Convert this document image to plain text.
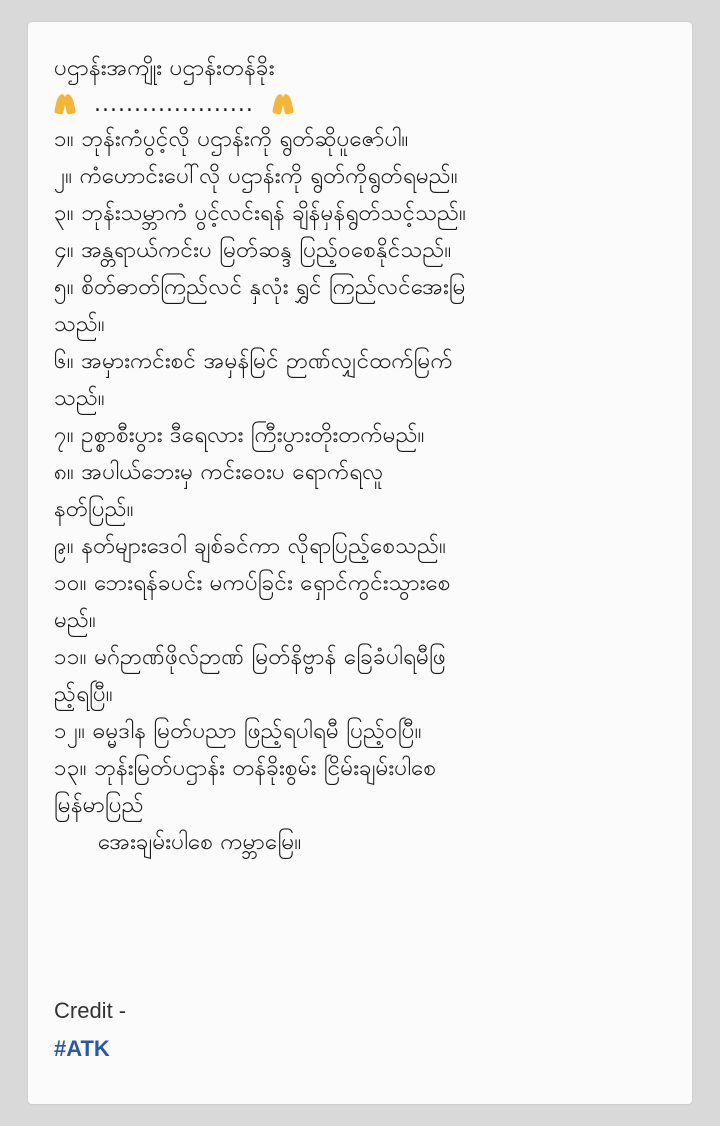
ပဌာန်းအကျိုး ပဌာန်းတန်ခိုး
....................
၁။ ဘုန်းကံပွင့်လို ပဌာန်းကို ရွတ်ဆိုပူဇော်ပါ။
၂။ ကံဟောင်းပေါ်လို ပဌာန်းကို ရွတ်ကိုရွတ်ရမည်။
၃။ ဘုန်းသမ္ဘာကံ ပွင့်လင်းရန် ချိန်မှန်ရွတ်သင့်သည်။
၄။ အန္တရာယ်ကင်းပ မြတ်ဆန္ဒ ပြည့်ဝစေနိုင်သည်။
၅။ စိတ်ဓာတ်ကြည်လင် နှလုံး ရွှင် ကြည်လင်အေးမြ
သည်။
၆။ အမှားကင်းစင် အမှန်မြင် ဉာဏ်လျှင်ထက်မြက်
သည်။
၇။ ဥစ္စာစီးပွား ဒီရေလား ကြီးပွားတိုးတက်မည်။
၈။ အပါယ်ဘေးမှ ကင်းဝေးပ ရောက်ရလူ
နတ်ပြည်။
၉။ နတ်များဒေဝါ ချစ်ခင်ကာ လိုရာပြည့်စေသည်။
၁၀။ ဘေးရန်ခပင်း မကပ်ခြင်း ရှောင်ကွင်းသွားစေ
မည်။
၁၁။ မဂ်ဉာဏ်ဖိုလ်ဉာဏ် မြတ်နိဗ္ဗာန် ခြေခံပါရမီဖြ
ည့်ရပြီ။
၁၂။ ဓမ္မဒါန မြတ်ပညာ ဖြည့်ရပါရမီ ပြည့်ဝပြီ။
၁၃။ ဘုန်းမြတ်ပဌာန်း တန်ခိုးစွမ်း ငြိမ်းချမ်းပါစေ
မြန်မာပြည်
အေးချမ်းပါစေ ကမ္ဘာမြေ။
Credit -
#ATK
